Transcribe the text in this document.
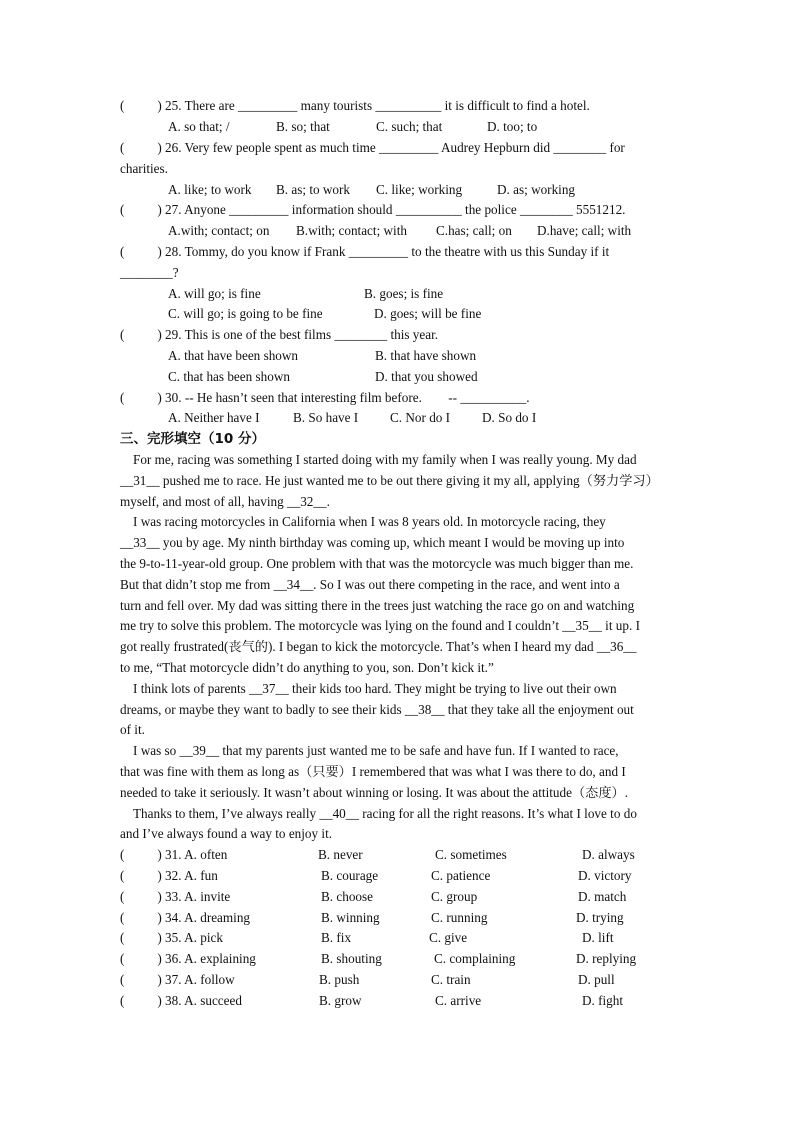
(          ) 25. There are _________ many tourists __________ it is difficult to find a hotel.
A. so that; /	B. so; that	C. such; that	D. too; to
(          ) 26. Very few people spent as much time _________ Audrey Hepburn did ________ for
charities.
A. like; to work B. as; to work C. like; working	D. as; working
(          ) 27. Anyone _________ information should __________ the police ________ 5551212.
A.with; contact; on B.with; contact; with C.has; call; on D.have; call; with
(          ) 28. Tommy, do you know if Frank _________ to the theatre with us this Sunday if it
________?
A. will go; is fine	B. goes; is fine
C. will go; is going to be fine	D. goes; will be fine
(          ) 29. This is one of the best films ________ this year.
A. that have been shown	B. that have shown
C. that has been shown	D. that you showed
(          ) 30. -- He hasn’t seen that interesting film before.        -- __________.
A. Neither have I	B. So have I C. Nor do I D. So do I
三、完形填空（10 分）
For me, racing was something I started doing with my family when I was really young. My dad
__31__ pushed me to race. He just wanted me to be out there giving it my all, applying（努力学习）
myself, and most of all, having __32__.
I was racing motorcycles in California when I was 8 years old. In motorcycle racing, they
__33__ you by age. My ninth birthday was coming up, which meant I would be moving up into
the 9-to-11-year-old group. One problem with that was the motorcycle was much bigger than me.
But that didn’t stop me from __34__. So I was out there competing in the race, and went into a
turn and fell over. My dad was sitting there in the trees just watching the race go on and watching
me try to solve this problem. The motorcycle was lying on the found and I couldn’t __35__ it up. I
got really frustrated(丧气的). I began to kick the motorcycle. That’s when I heard my dad __36__
to me, “That motorcycle didn’t do anything to you, son. Don’t kick it.”
I think lots of parents __37__ their kids too hard. They might be trying to live out their own
dreams, or maybe they want to badly to see their kids __38__ that they take all the enjoyment out
of it.
I was so __39__ that my parents just wanted me to be safe and have fun. If I wanted to race,
that was fine with them as long as（只要）I remembered that was what I was there to do, and I
needed to take it seriously. It wasn’t about winning or losing. It was about the attitude（态度）.
Thanks to them, I’ve always really __40__ racing for all the right reasons. It’s what I love to do
and I’ve always found a way to enjoy it.
(          ) 31. A. often	B. never	C. sometimes	D. always
(          ) 32. A. fun	B. courage	C. patience	D. victory
(          ) 33. A. invite	B. choose	C. group	D. match
(          ) 34. A. dreaming	B. winning	C. running	D. trying
(          ) 35. A. pick	B. fix	C. give	D. lift
(          ) 36. A. explaining	B. shouting	C. complaining	D. replying
(          ) 37. A. follow	B. push	C. train	D. pull
(          ) 38. A. succeed	B. grow	C. arrive	D. fight
